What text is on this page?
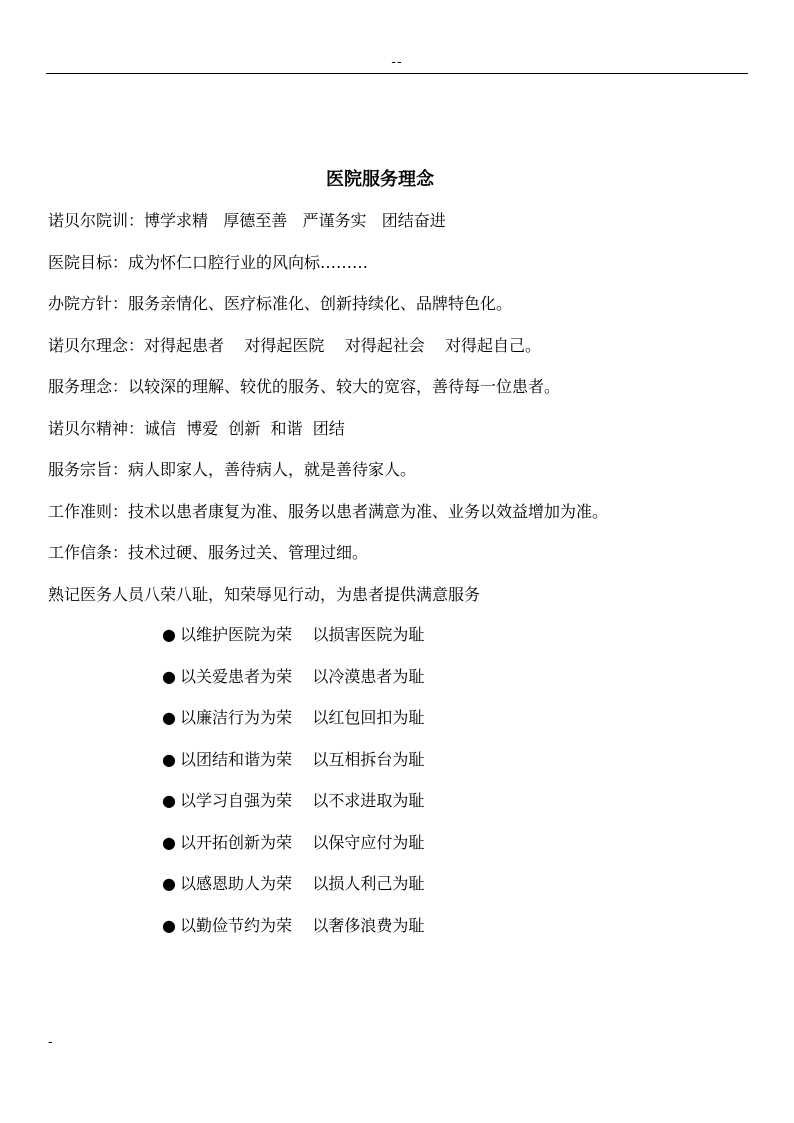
--
医院服务理念
诺贝尔院训：博学求精   厚德至善   严谨务实   团结奋进
医院目标：成为怀仁口腔行业的风向标………
办院方针：服务亲情化、医疗标准化、创新持续化、品牌特色化。
诺贝尔理念：对得起患者    对得起医院    对得起社会    对得起自己。
服务理念：以较深的理解、较优的服务、较大的宽容，善待每一位患者。
诺贝尔精神：诚信  博爱  创新  和谐  团结
服务宗旨：病人即家人，善待病人，就是善待家人。
工作准则：技术以患者康复为准、服务以患者满意为准、业务以效益增加为准。
工作信条：技术过硬、服务过关、管理过细。
熟记医务人员八荣八耻，知荣辱见行动，为患者提供满意服务
● 以维护医院为荣    以损害医院为耻
● 以关爱患者为荣    以冷漠患者为耻
● 以廉洁行为为荣    以红包回扣为耻
● 以团结和谐为荣    以互相拆台为耻
● 以学习自强为荣    以不求进取为耻
● 以开拓创新为荣    以保守应付为耻
● 以感恩助人为荣    以损人利己为耻
● 以勤俭节约为荣    以奢侈浪费为耻
-
